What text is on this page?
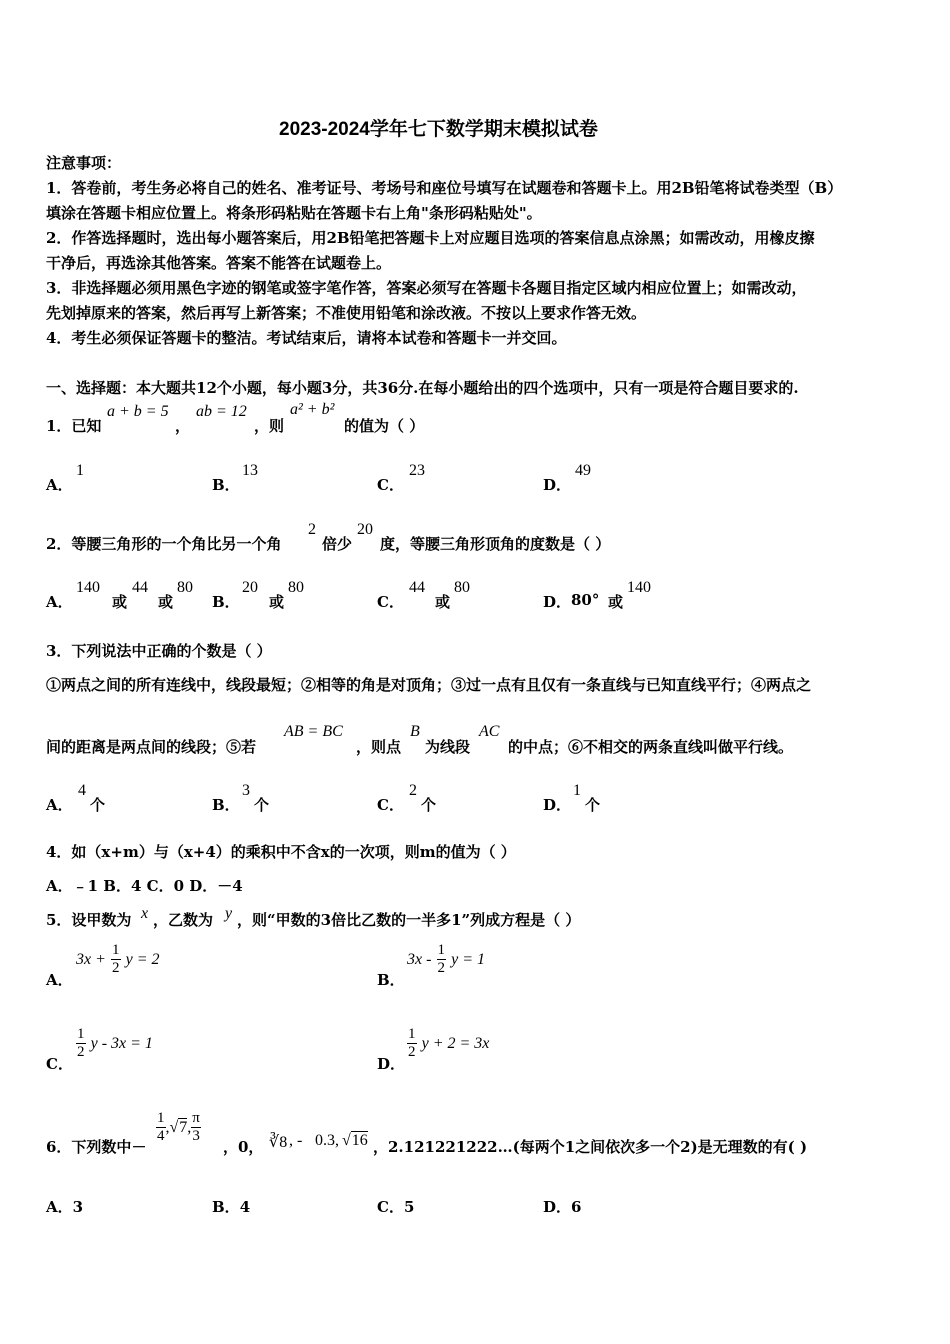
2023-2024学年七下数学期末模拟试卷
注意事项：
1．答卷前，考生务必将自己的姓名、准考证号、考场号和座位号填写在试题卷和答题卡上。用2B铅笔将试卷类型（B）
填涂在答题卡相应位置上。将条形码粘贴在答题卡右上角"条形码粘贴处"。
2．作答选择题时，选出每小题答案后，用2B铅笔把答题卡上对应题目选项的答案信息点涂黑；如需改动，用橡皮擦
干净后，再选涂其他答案。答案不能答在试题卷上。
3．非选择题必须用黑色字迹的钢笔或签字笔作答，答案必须写在答题卡各题目指定区域内相应位置上；如需改动，
先划掉原来的答案，然后再写上新答案；不准使用铅笔和涂改液。不按以上要求作答无效。
4．考生必须保证答题卡的整洁。考试结束后，请将本试卷和答题卡一并交回。
一、选择题：本大题共12个小题，每小题3分，共36分.在每小题给出的四个选项中，只有一项是符合题目要求的.
1．已知
a + b = 5
，
ab = 12
，则
a² + b²
的值为（ ）
A．
1
B．
13
C．
23
D．
49
2．等腰三角形的一个角比另一个角
2
倍少
20
度，等腰三角形顶角的度数是（ ）
A．
140
或
44
或
80
B．
20
或
80
C．
44
或
80
D． 80° 或
140
3．下列说法中正确的个数是（ ）
①两点之间的所有连线中，线段最短；②相等的角是对顶角；③过一点有且仅有一条直线与已知直线平行；④两点之
间的距离是两点间的线段；⑤若
AB = BC
，则点
B
为线段
AC
的中点；⑥不相交的两条直线叫做平行线。
A．
4
个	B．
3
个	C．
2
个	D．
1
个
4．如（x+m）与（x+4）的乘积中不含x的一次项，则m的值为（ ）
A．﹣1 B．4 C．0 D．－4
5．设甲数为 x ，乙数为 y ，则“甲数的3倍比乙数的一半多1”列成方程是（ ）
A．
$3x + \frac{1}{2}$ y = 2
B．
$3x - \frac{1}{2}$ y = 1
C．
$\frac{1}{2}$ y - 3x = 1
D．
$\frac{1}{2}$ y + 2 = 3x
6．下列数中－
$\frac{1}{4} ,√7$, $\frac{\pi}{3}$
，0， ∛8 , - 0.3 , √16 ，2.121221222…(每两个1之间依次多一个2)是无理数的有( )
A．3	B．4	C．5	D．6
